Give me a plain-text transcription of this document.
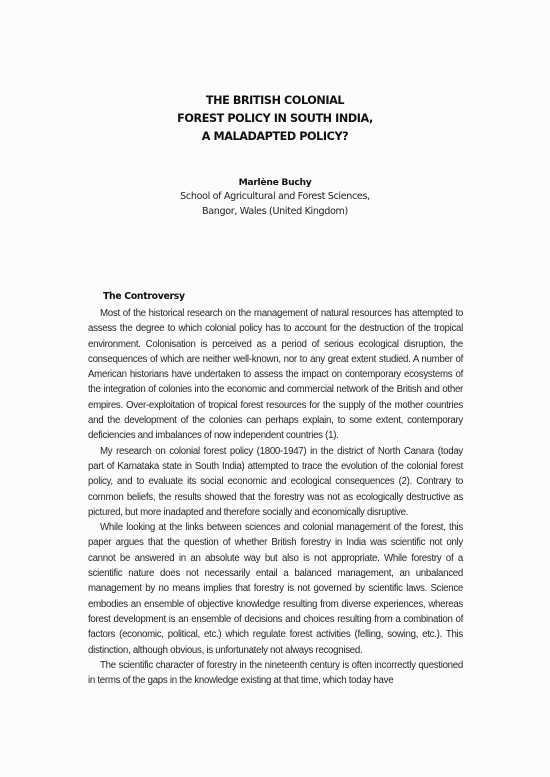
THE BRITISH COLONIAL

FOREST POLICY IN SOUTH INDIA,

A MALADAPTED POLICY?

Marlène Buchy
School of Agricultural and Forest Sciences,
Bangor, Wales (United Kingdom)
The Controversy

Most of the historical research on the management of natural resources has attempted to assess the degree to which colonial policy has to account for the destruction of the tropical environment. Colonisation is perceived as a period of serious ecological disruption, the consequences of which are neither well-known, nor to any great extent studied. A number of American historians have undertaken to assess the impact on contemporary ecosystems of the integration of colonies into the economic and commercial network of the British and other empires. Over-exploitation of tropical forest resources for the supply of the mother countries and the development of the colonies can perhaps explain, to some extent, contemporary deficiencies and imbalances of now independent countries (1).

My research on colonial forest policy (1800-1947) in the district of North Canara (today part of Karnataka state in South India) attempted to trace the evolution of the colonial forest policy, and to evaluate its social economic and ecological consequences (2). Contrary to common beliefs, the results showed that the forestry was not as ecologically destructive as pictured, but more inadapted and therefore socially and economically disruptive.

While looking at the links between sciences and colonial management of the forest, this paper argues that the question of whether British forestry in India was scientific not only cannot be answered in an absolute way but also is not appropriate. While forestry of a scientific nature does not necessarily entail a balanced management, an unbalanced management by no means implies that forestry is not governed by scientific laws. Science embodies an ensemble of objective knowledge resulting from diverse experiences, whereas forest development is an ensemble of decisions and choices resulting from a combination of factors (economic, political, etc.) which regulate forest activities (felling, sowing, etc.). This distinction, although obvious, is unfortunately not always recognised.

The scientific character of forestry in the nineteenth century is often incorrectly questioned in terms of the gaps in the knowledge existing at that time, which today have
